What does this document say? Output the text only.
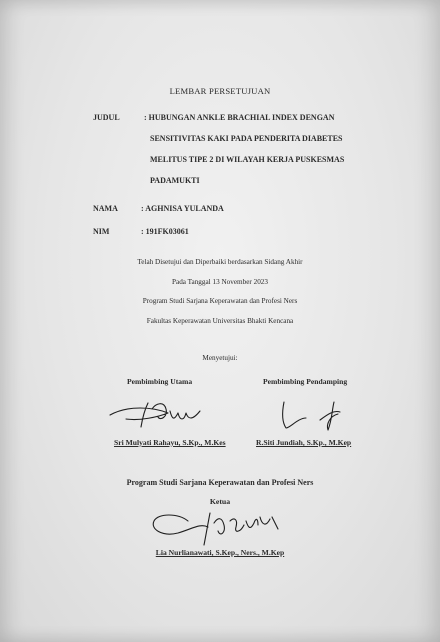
LEMBAR PERSETUJUAN
JUDUL	: HUBUNGAN ANKLE BRACHIAL INDEX DENGAN
SENSITIVITAS KAKI PADA PENDERITA DIABETES
MELITUS TIPE 2 DI WILAYAH KERJA PUSKESMAS
PADAMUKTI
NAMA	: AGHNISA YULANDA
NIM	: 191FK03061
Telah Disetujui dan Diperbaiki berdasarkan Sidang Akhir
Pada Tanggal 13 November 2023
Program Studi Sarjana Keperawatan dan Profesi Ners
Fakultas Keperawatan Universitas Bhakti Kencana
Menyetujui:
Pembimbing Utama	Pembimbing Pendamping
Sri Mulyati Rahayu, S.Kp., M.Kes	R.Siti Jundiah, S.Kp., M.Kep
Program Studi Sarjana Keperawatan dan Profesi Ners
Ketua
Lia Nurlianawati, S.Kep., Ners., M.Kep
